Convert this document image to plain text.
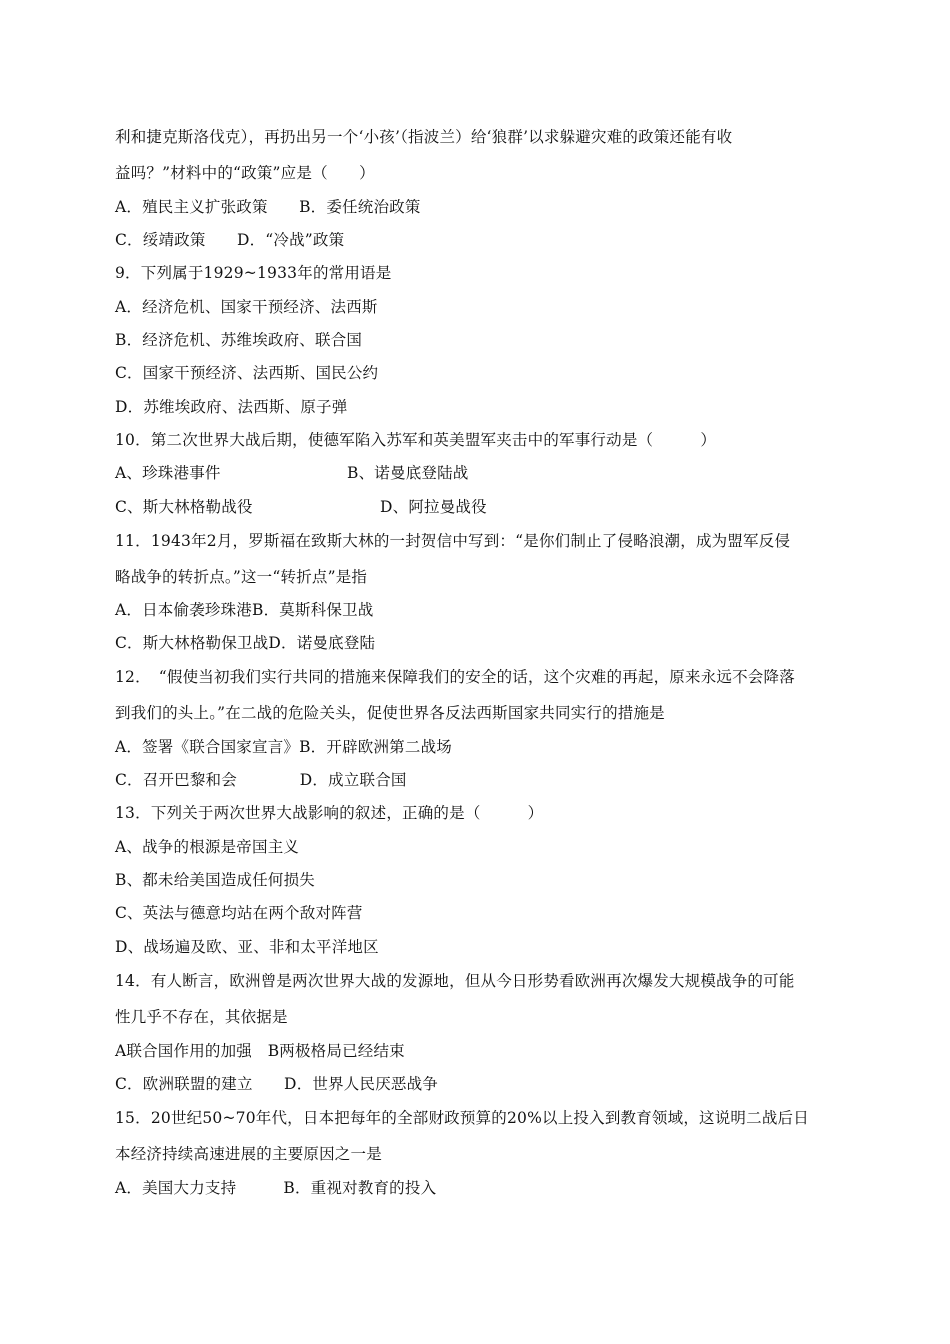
利和捷克斯洛伐克），再扔出另一个‘小孩’（指波兰）给‘狼群’以求躲避灾难的政策还能有收
益吗？”材料中的“政策”应是（　　）
A．殖民主义扩张政策　　B．委任统治政策
C．绥靖政策　　D．“冷战”政策
9．下列属于1929~1933年的常用语是
A．经济危机、国家干预经济、法西斯
B．经济危机、苏维埃政府、联合国
C．国家干预经济、法西斯、国民公约
D．苏维埃政府、法西斯、原子弹
10．第二次世界大战后期，使德军陷入苏军和英美盟军夹击中的军事行动是（　　　）
A、珍珠港事件	B、诺曼底登陆战
C、斯大林格勒战役	D、阿拉曼战役
11．1943年2月，罗斯福在致斯大林的一封贺信中写到：“是你们制止了侵略浪潮，成为盟军反侵
略战争的转折点。”这一“转折点”是指
A．日本偷袭珍珠港B．莫斯科保卫战
C．斯大林格勒保卫战D．诺曼底登陆
12．　“假使当初我们实行共同的措施来保障我们的安全的话，这个灾难的再起，原来永远不会降落
到我们的头上。”在二战的危险关头，促使世界各反法西斯国家共同实行的措施是
A．签署《联合国家宣言》B．开辟欧洲第二战场
C．召开巴黎和会　　　　D．成立联合国
13．下列关于两次世界大战影响的叙述，正确的是（　　　）
A、战争的根源是帝国主义
B、都未给美国造成任何损失
C、英法与德意均站在两个敌对阵营
D、战场遍及欧、亚、非和太平洋地区
14．有人断言，欧洲曾是两次世界大战的发源地，但从今日形势看欧洲再次爆发大规模战争的可能
性几乎不存在，其依据是
A联合国作用的加强　B两极格局已经结束
C．欧洲联盟的建立　　D．世界人民厌恶战争
15．20世纪50~70年代，日本把每年的全部财政预算的20%以上投入到教育领域，这说明二战后日
本经济持续高速进展的主要原因之一是
A．美国大力支持　　　B．重视对教育的投入
